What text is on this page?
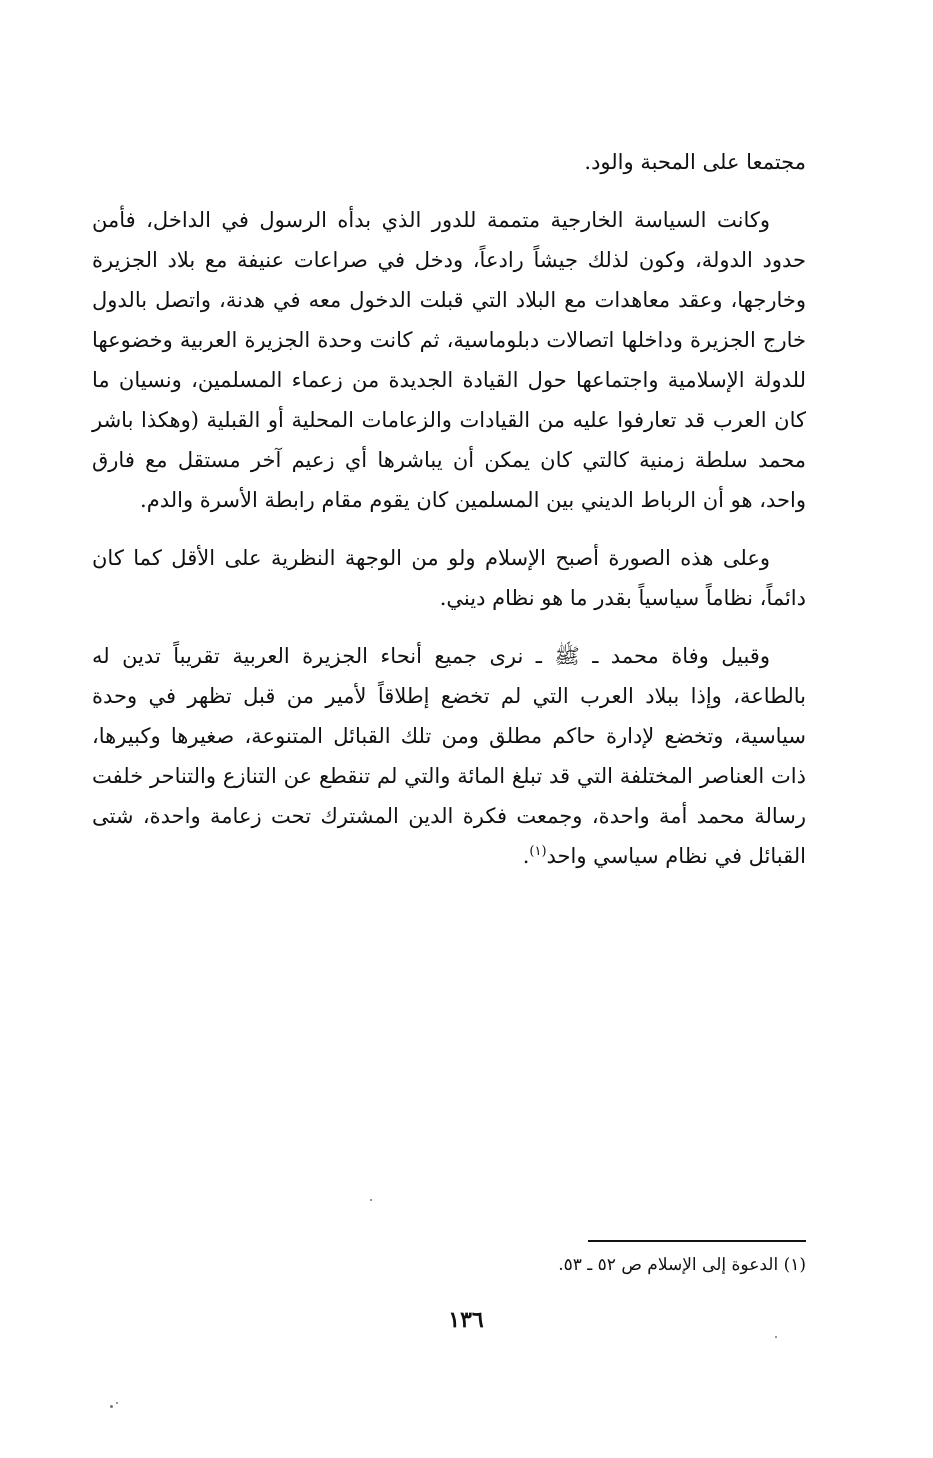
مجتمعا على المحبة والود.

وكانت السياسة الخارجية متممة للدور الذي بدأه الرسول في الداخل، فأمن حدود الدولة، وكون لذلك جيشاً رادعاً، ودخل في صراعات عنيفة مع بلاد الجزيرة وخارجها، وعقد معاهدات مع البلاد التي قبلت الدخول معه في هدنة، واتصل بالدول خارج الجزيرة وداخلها اتصالات دبلوماسية، ثم كانت وحدة الجزيرة العربية وخضوعها للدولة الإسلامية واجتماعها حول القيادة الجديدة من زعماء المسلمين، ونسيان ما كان العرب قد تعارفوا عليه من القيادات والزعامات المحلية أو القبلية (وهكذا باشر محمد سلطة زمنية كالتي كان يمكن أن يباشرها أي زعيم آخر مستقل مع فارق واحد، هو أن الرباط الديني بين المسلمين كان يقوم مقام رابطة الأسرة والدم.

وعلى هذه الصورة أصبح الإسلام ولو من الوجهة النظرية على الأقل كما كان دائماً، نظاماً سياسياً بقدر ما هو نظام ديني.

وقبيل وفاة محمد ـ ﷺ ـ نرى جميع أنحاء الجزيرة العربية تقريباً تدين له بالطاعة، وإذا ببلاد العرب التي لم تخضع إطلاقاً لأمير من قبل تظهر في وحدة سياسية، وتخضع لإدارة حاكم مطلق ومن تلك القبائل المتنوعة، صغيرها وكبيرها، ذات العناصر المختلفة التي قد تبلغ المائة والتي لم تنقطع عن التنازع والتناحر خلفت رسالة محمد أمة واحدة، وجمعت فكرة الدين المشترك تحت زعامة واحدة، شتى القبائل في نظام سياسي واحد$^{(١)}$.

(١) الدعوة إلى الإسلام ص ٥٢ ـ ٥٣.
١٣٦
